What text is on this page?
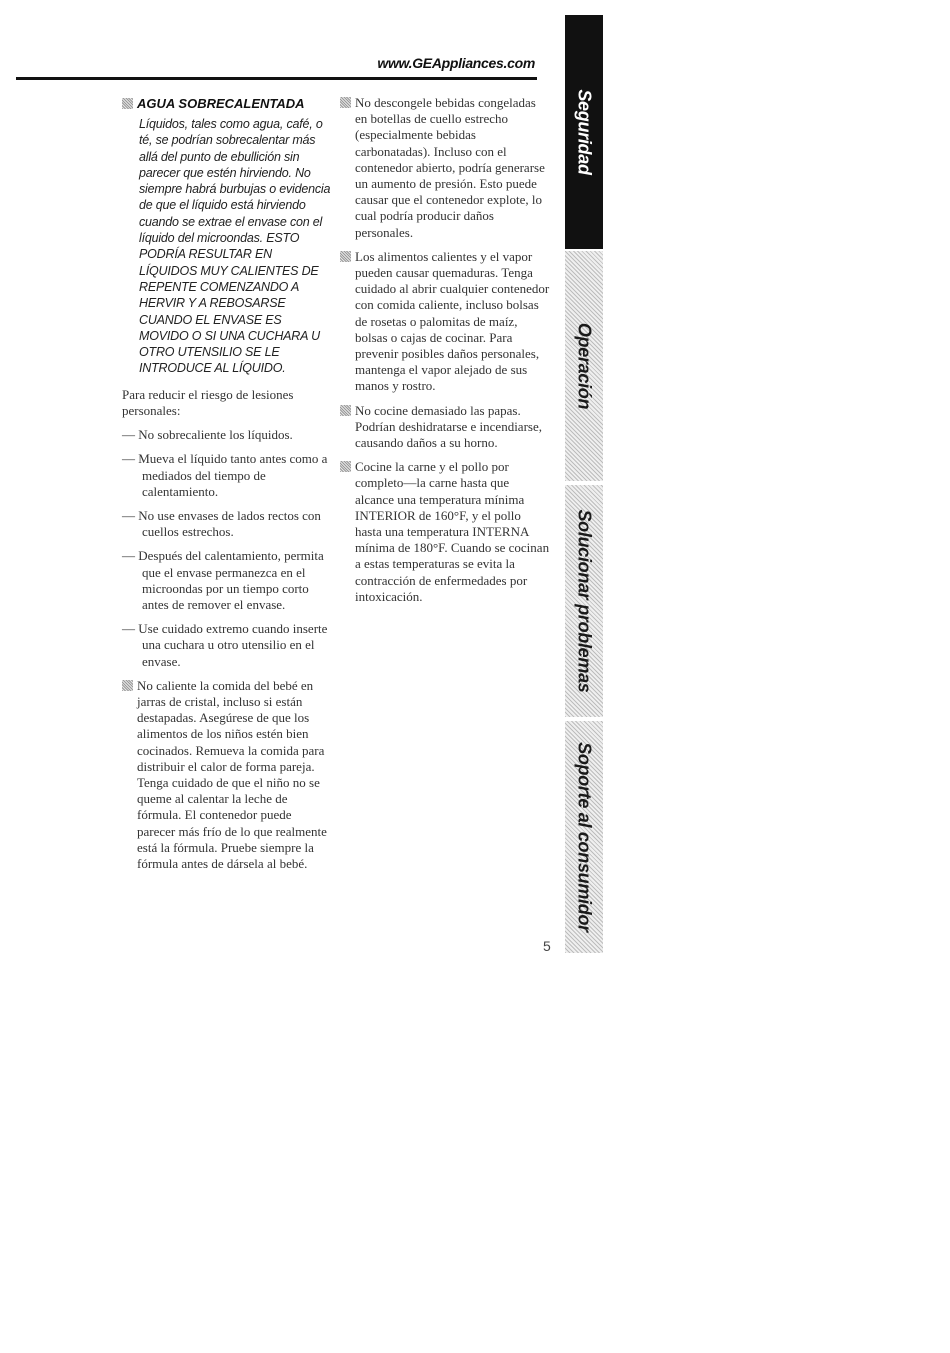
www.GEAppliances.com
AGUA SOBRECALENTADA
Líquidos, tales como agua, café, o té, se podrían sobrecalentar más allá del punto de ebullición sin parecer que estén hirviendo. No siempre habrá burbujas o evidencia de que el líquido está hirviendo cuando se extrae el envase con el líquido del microondas. ESTO PODRÍA RESULTAR EN LÍQUIDOS MUY CALIENTES DE REPENTE COMENZANDO A HERVIR Y A REBOSARSE CUANDO EL ENVASE ES MOVIDO O SI UNA CUCHARA U OTRO UTENSILIO SE LE INTRODUCE AL LÍQUIDO.

Para reducir el riesgo de lesiones personales:

— No sobrecaliente los líquidos.
— Mueva el líquido tanto antes como a mediados del tiempo de calentamiento.
— No use envases de lados rectos con cuellos estrechos.
— Después del calentamiento, permita que el envase permanezca en el microondas por un tiempo corto antes de remover el envase.
— Use cuidado extremo cuando inserte una cuchara u otro utensilio en el envase.
No caliente la comida del bebé en jarras de cristal, incluso si están destapadas. Asegúrese de que los alimentos de los niños estén bien cocinados. Remueva la comida para distribuir el calor de forma pareja. Tenga cuidado de que el niño no se queme al calentar la leche de fórmula. El contenedor puede parecer más frío de lo que realmente está la fórmula. Pruebe siempre la fórmula antes de dársela al bebé.
No descongele bebidas congeladas en botellas de cuello estrecho (especialmente bebidas carbonatadas). Incluso con el contenedor abierto, podría generarse un aumento de presión. Esto puede causar que el contenedor explote, lo cual podría producir daños personales.
Los alimentos calientes y el vapor pueden causar quemaduras. Tenga cuidado al abrir cualquier contenedor con comida caliente, incluso bolsas de rosetas o palomitas de maíz, bolsas o cajas de cocinar. Para prevenir posibles daños personales, mantenga el vapor alejado de sus manos y rostro.
No cocine demasiado las papas. Podrían deshidratarse e incendiarse, causando daños a su horno.
Cocine la carne y el pollo por completo—la carne hasta que alcance una temperatura mínima INTERIOR de 160°F, y el pollo hasta una temperatura INTERNA mínima de 180°F. Cuando se cocinan a estas temperaturas se evita la contracción de enfermedades por intoxicación.
Seguridad
Operación
Solucionar problemas
Soporte al consumidor
5
